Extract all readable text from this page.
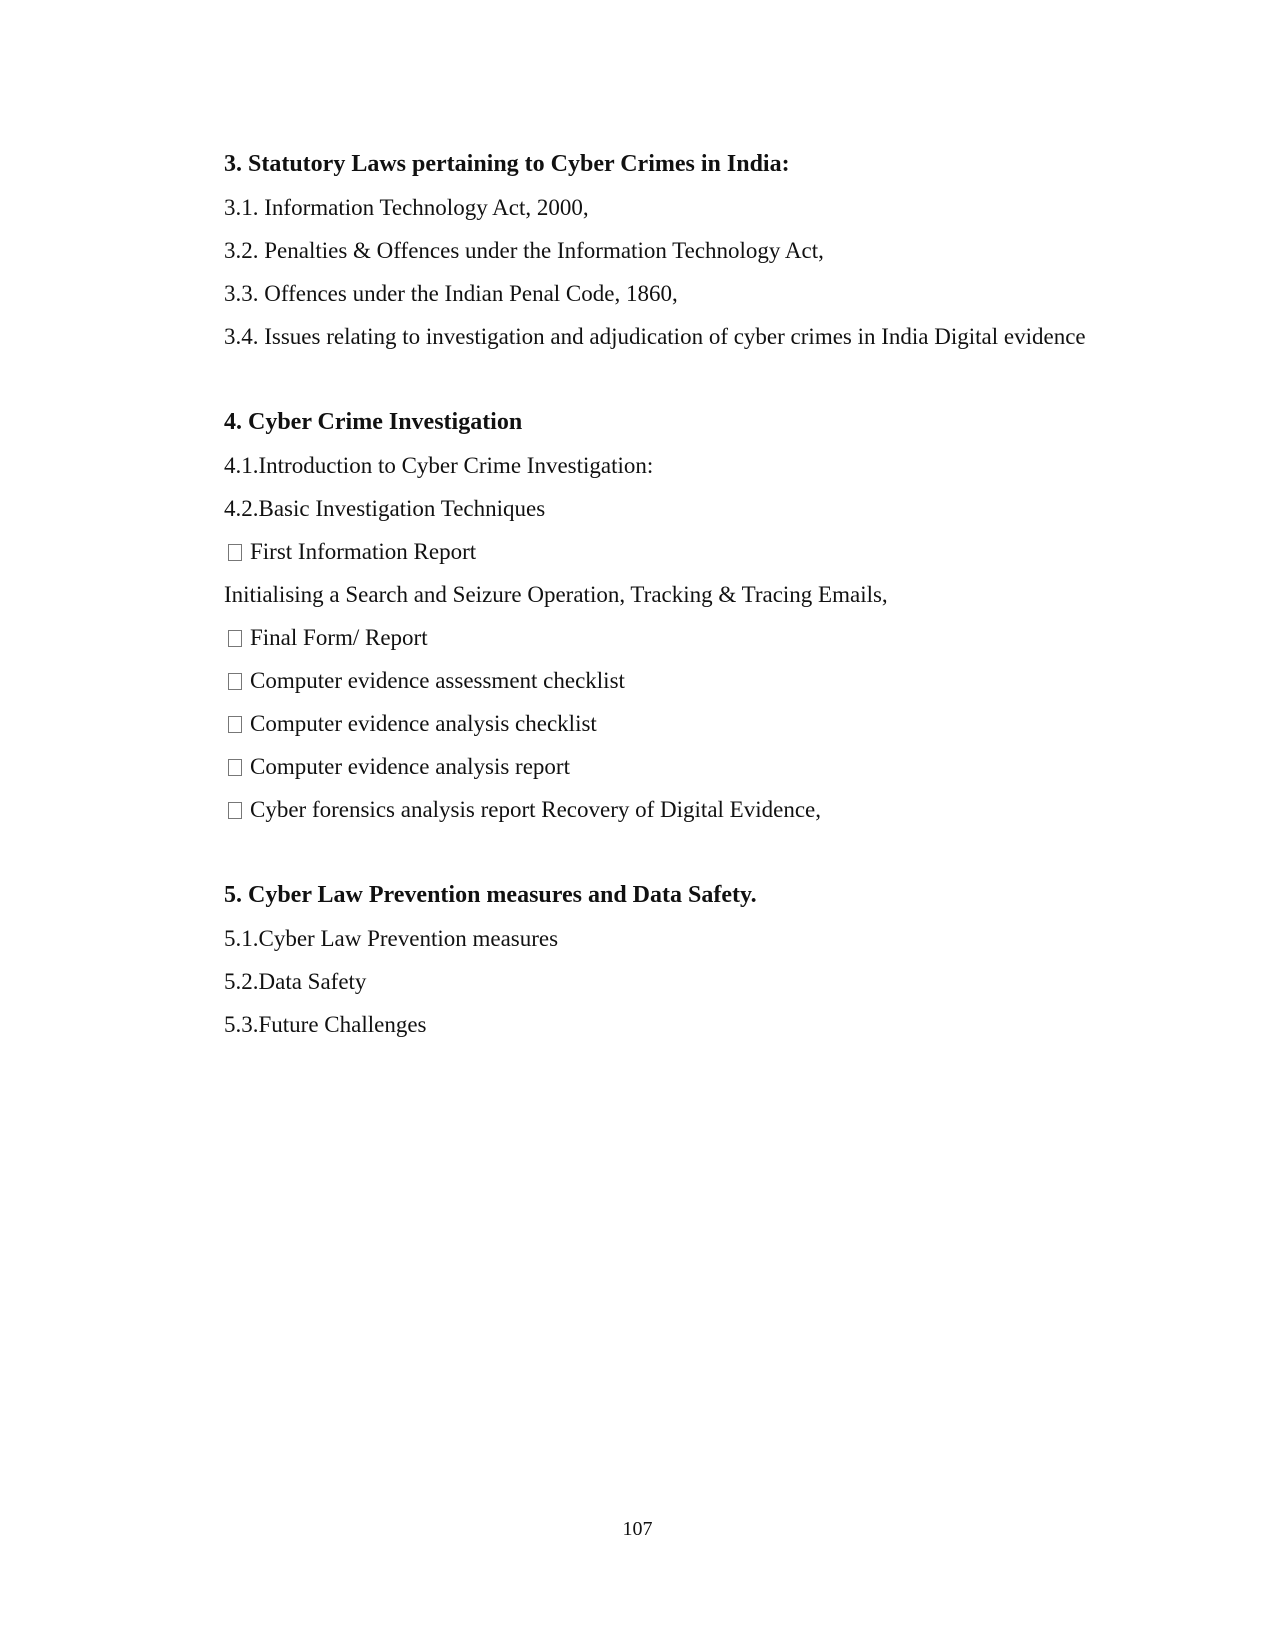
3. Statutory Laws pertaining to Cyber Crimes in India:

3.1. Information Technology Act, 2000,

3.2. Penalties & Offences under the Information Technology Act,

3.3. Offences under the Indian Penal Code, 1860,

3.4. Issues relating to investigation and adjudication of cyber crimes in India Digital evidence

4. Cyber Crime Investigation

4.1.Introduction to Cyber Crime Investigation:

4.2.Basic Investigation Techniques

First Information Report

Initialising a Search and Seizure Operation, Tracking & Tracing Emails,

Final Form/ Report

Computer evidence assessment checklist

Computer evidence analysis checklist

Computer evidence analysis report

Cyber forensics analysis report Recovery of Digital Evidence,

5. Cyber Law Prevention measures and Data Safety.

5.1.Cyber Law Prevention measures

5.2.Data Safety

5.3.Future Challenges

107
